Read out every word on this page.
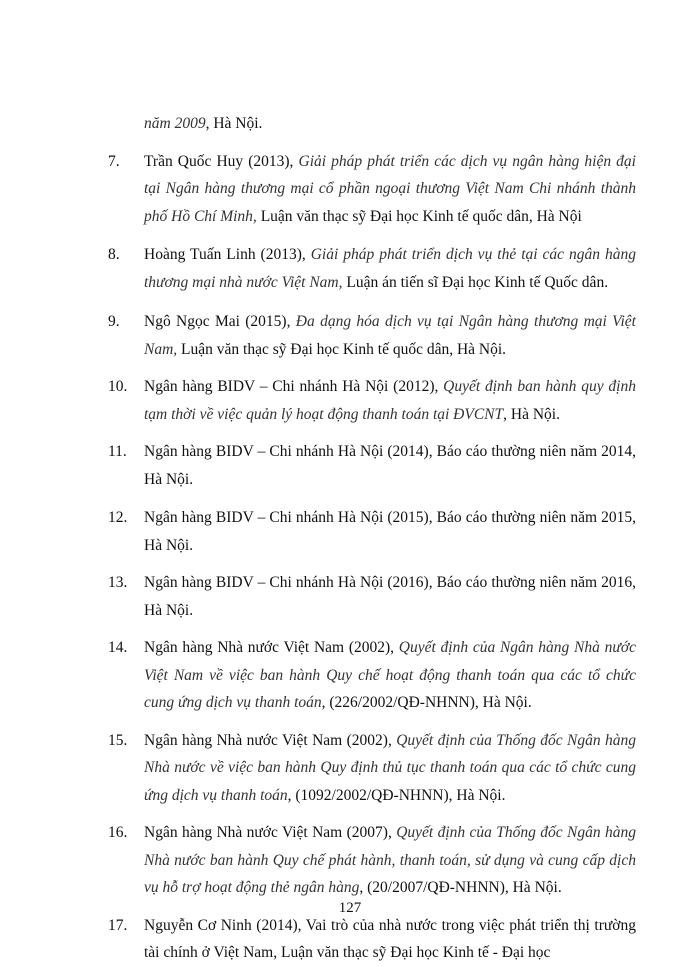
năm 2009, Hà Nội.
7. Trần Quốc Huy (2013), Giải pháp phát triển các dịch vụ ngân hàng hiện đại tại Ngân hàng thương mại cổ phần ngoại thương Việt Nam Chi nhánh thành phố Hồ Chí Minh, Luận văn thạc sỹ Đại học Kinh tế quốc dân, Hà Nội
8. Hoàng Tuấn Linh (2013), Giải pháp phát triển dịch vụ thẻ tại các ngân hàng thương mại nhà nước Việt Nam, Luận án tiến sĩ Đại học Kinh tế Quốc dân.
9. Ngô Ngọc Mai (2015), Đa dạng hóa dịch vụ tại Ngân hàng thương mại Việt Nam, Luận văn thạc sỹ Đại học Kinh tế quốc dân, Hà Nội.
10. Ngân hàng BIDV – Chi nhánh Hà Nội (2012), Quyết định ban hành quy định tạm thời về việc quản lý hoạt động thanh toán tại ĐVCNT, Hà Nội.
11. Ngân hàng BIDV – Chi nhánh Hà Nội (2014), Báo cáo thường niên năm 2014, Hà Nội.
12. Ngân hàng BIDV – Chi nhánh Hà Nội (2015), Báo cáo thường niên năm 2015, Hà Nội.
13. Ngân hàng BIDV – Chi nhánh Hà Nội (2016), Báo cáo thường niên năm 2016, Hà Nội.
14. Ngân hàng Nhà nước Việt Nam (2002), Quyết định của Ngân hàng Nhà nước Việt Nam về việc ban hành Quy chế hoạt động thanh toán qua các tổ chức cung ứng dịch vụ thanh toán, (226/2002/QĐ-NHNN), Hà Nội.
15. Ngân hàng Nhà nước Việt Nam (2002), Quyết định của Thống đốc Ngân hàng Nhà nước về việc ban hành Quy định thủ tục thanh toán qua các tổ chức cung ứng dịch vụ thanh toán, (1092/2002/QĐ-NHNN), Hà Nội.
16. Ngân hàng Nhà nước Việt Nam (2007), Quyết định của Thống đốc Ngân hàng Nhà nước ban hành Quy chế phát hành, thanh toán, sử dụng và cung cấp dịch vụ hỗ trợ hoạt động thẻ ngân hàng, (20/2007/QĐ-NHNN), Hà Nội.
17. Nguyễn Cơ Ninh (2014), Vai trò của nhà nước trong việc phát triển thị trường tài chính ở Việt Nam, Luận văn thạc sỹ Đại học Kinh tế - Đại học
127
